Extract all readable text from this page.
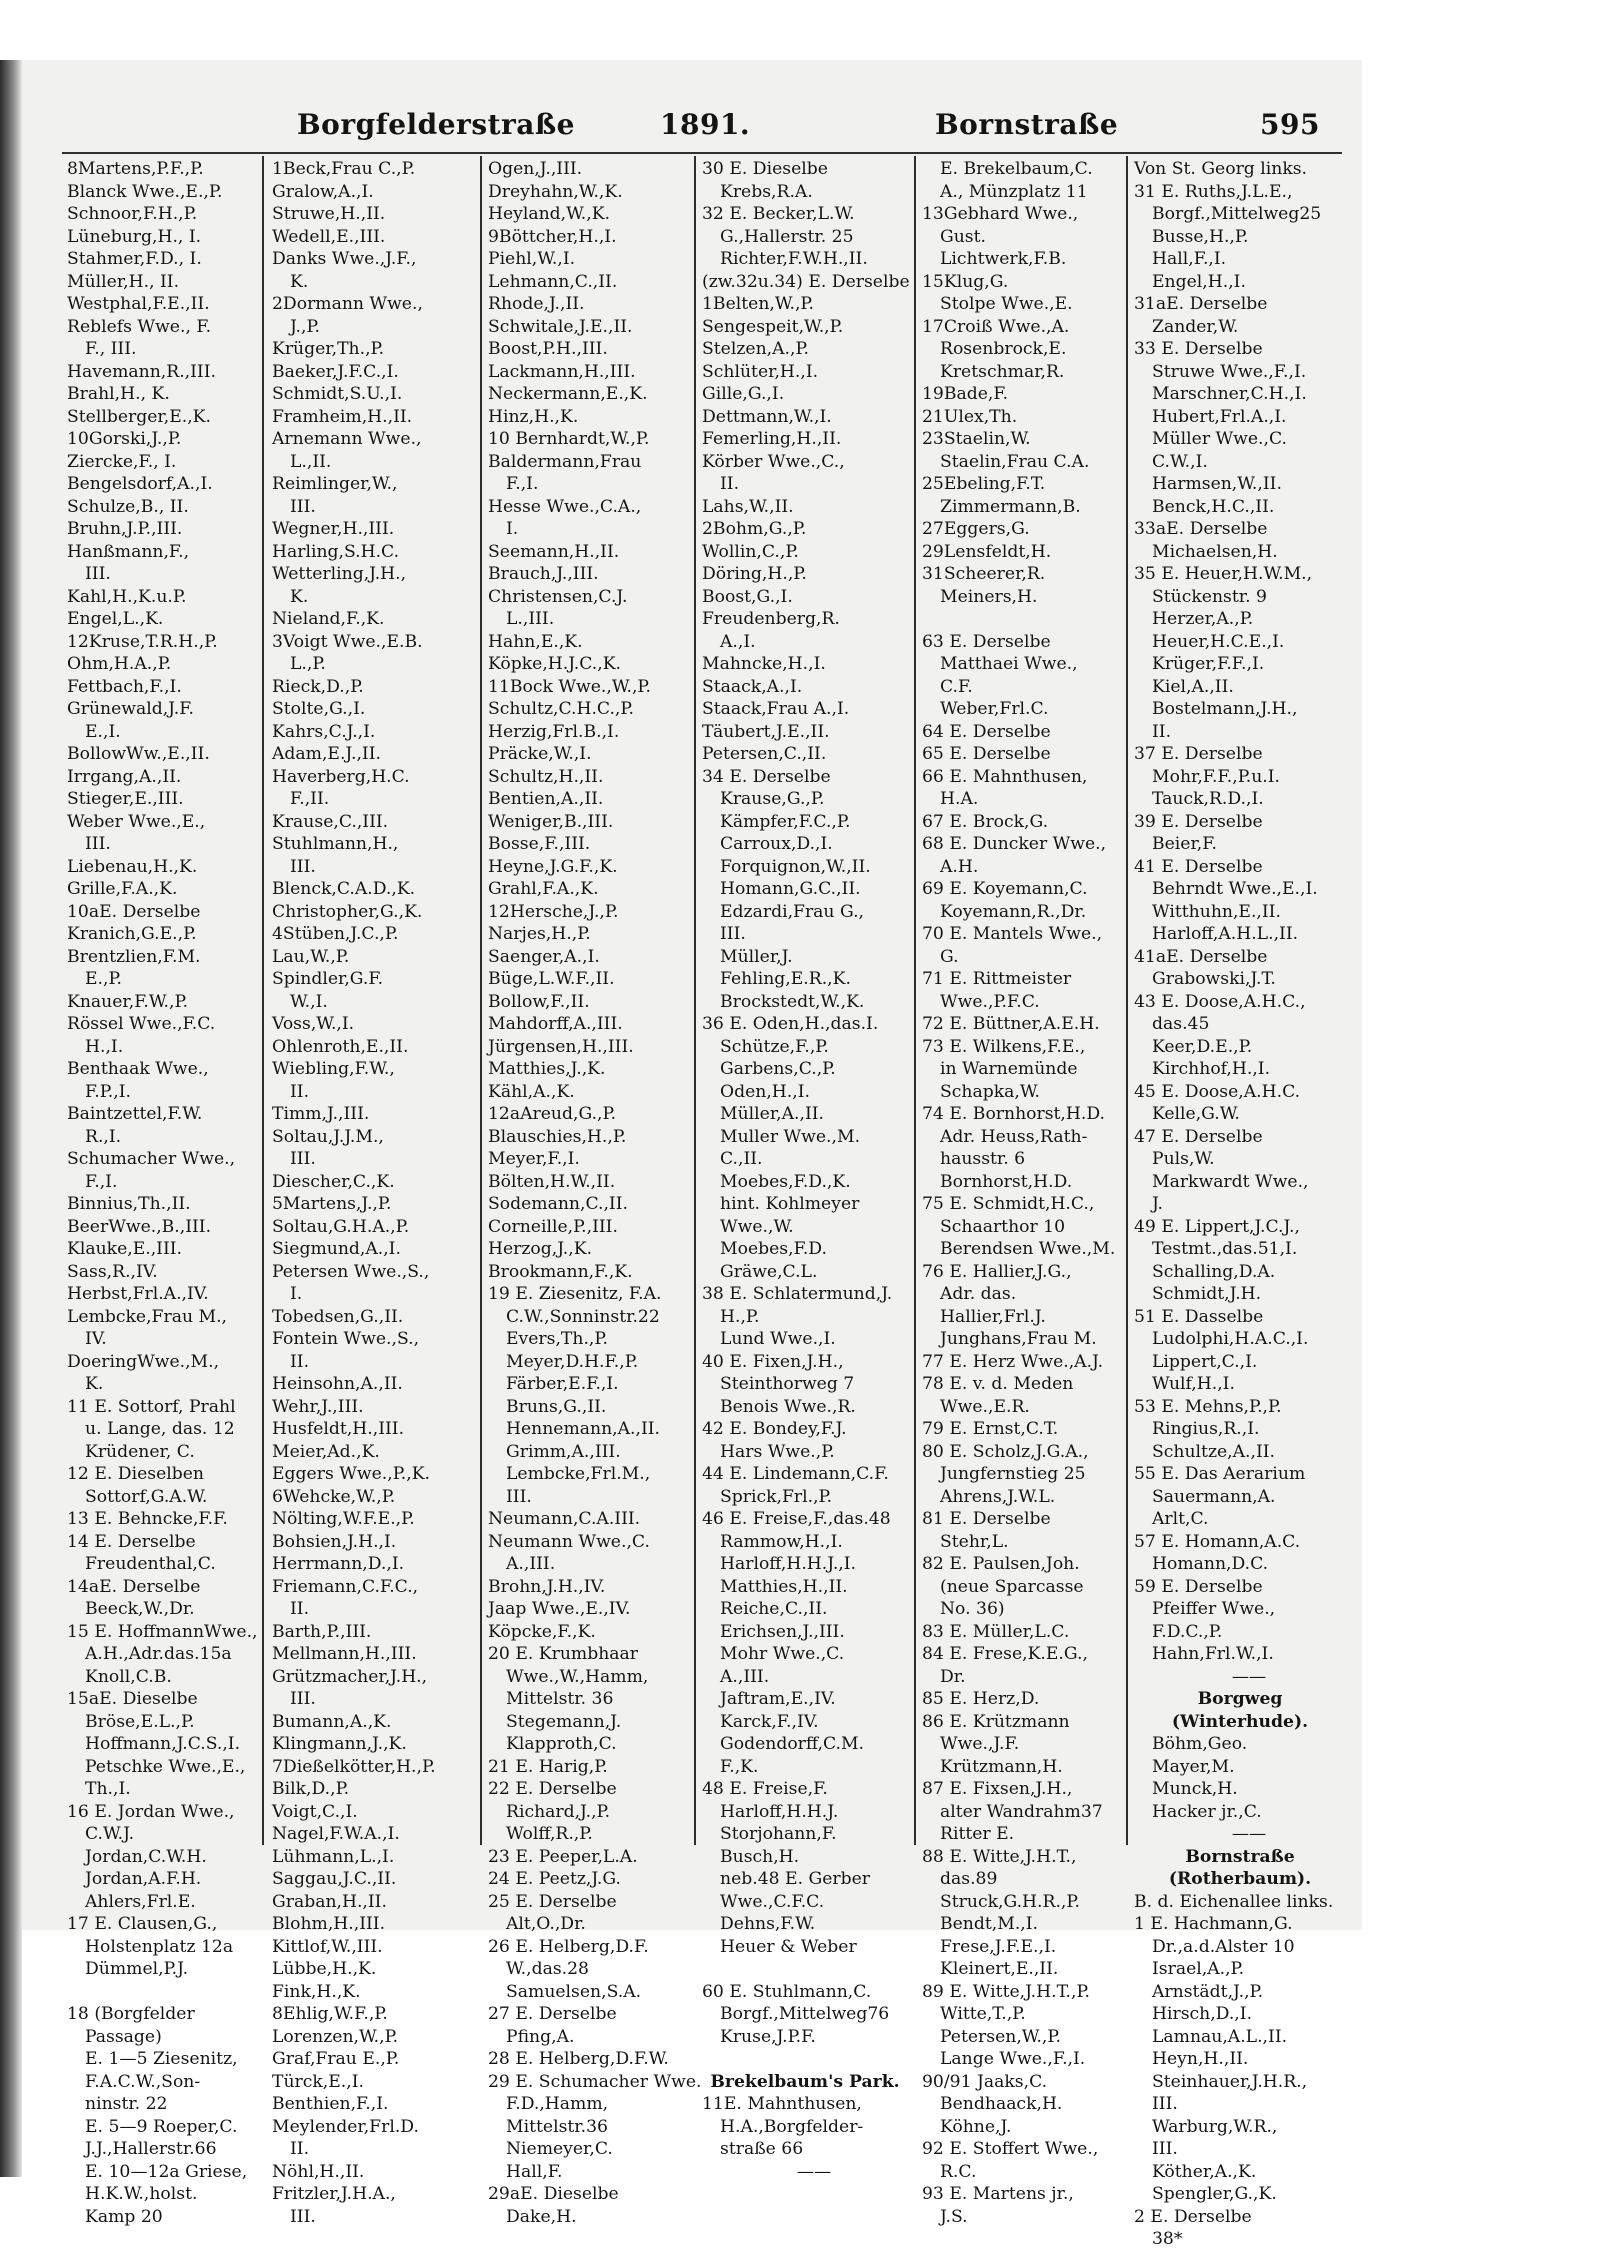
Borgfelderstraße	1891.	Bornstraße	595
8Martens,P.F.,P.
Blanck Wwe.,E.,P.
Schnoor,F.H.,P.
Lüneburg,H., I.
Stahmer,F.D., I.
Müller,H., II.
Westphal,F.E.,II.
Reblefs Wwe., F.
F., III.
Havemann,R.,III.
Brahl,H., K.
Stellberger,E.,K.
10Gorski,J.,P.
Ziercke,F., I.
Bengelsdorf,A.,I.
Schulze,B., II.
Bruhn,J.P.,III.
Hanßmann,F.,
III.
Kahl,H.,K.u.P.
Engel,L.,K.
12Kruse,T.R.H.,P.
Ohm,H.A.,P.
Fettbach,F.,I.
Grünewald,J.F.
E.,I.
BollowWw.,E.,II.
Irrgang,A.,II.
Stieger,E.,III.
Weber Wwe.,E.,
III.
Liebenau,H.,K.
Grille,F.A.,K.
10aE. Derselbe
Kranich,G.E.,P.
Brentzlien,F.M.
E.,P.
Knauer,F.W.,P.
Rössel Wwe.,F.C.
H.,I.
Benthaak Wwe.,
F.P.,I.
Baintzettel,F.W.
R.,I.
Schumacher Wwe.,
F.,I.
Binnius,Th.,II.
BeerWwe.,B.,III.
Klauke,E.,III.
Sass,R.,IV.
Herbst,Frl.A.,IV.
Lembcke,Frau M.,
IV.
DoeringWwe.,M.,
K.
11 E. Sottorf, Prahl
u. Lange, das. 12
Krüdener, C.
12 E. Dieselben
Sottorf,G.A.W.
13 E. Behncke,F.F.
14 E. Derselbe
Freudenthal,C.
14aE. Derselbe
Beeck,W.,Dr.
15 E. HoffmannWwe.,
A.H.,Adr.das.15a
Knoll,C.B.
15aE. Dieselbe
Bröse,E.L.,P.
Hoffmann,J.C.S.,I.
Petschke Wwe.,E.,
Th.,I.
16 E. Jordan Wwe.,
C.W.J.
Jordan,C.W.H.
Jordan,A.F.H.
Ahlers,Frl.E.
17 E. Clausen,G.,
Holstenplatz 12a
Dümmel,P.J.

18 (Borgfelder
Passage)
E. 1—5 Ziesenitz,
F.A.C.W.,Son-
ninstr. 22
E. 5—9 Roeper,C.
J.J.,Hallerstr.66
E. 10—12a Griese,
H.K.W.,holst.
Kamp 20
1Beck,Frau C.,P.
Gralow,A.,I.
Struwe,H.,II.
Wedell,E.,III.
Danks Wwe.,J.F.,
K.
2Dormann Wwe.,
J.,P.
Krüger,Th.,P.
Baeker,J.F.C.,I.
Schmidt,S.U.,I.
Framheim,H.,II.
Arnemann Wwe.,
L.,II.
Reimlinger,W.,
III.
Wegner,H.,III.
Harling,S.H.C.
Wetterling,J.H.,
K.
Nieland,F.,K.
3Voigt Wwe.,E.B.
L.,P.
Rieck,D.,P.
Stolte,G.,I.
Kahrs,C.J.,I.
Adam,E.J.,II.
Haverberg,H.C.
F.,II.
Krause,C.,III.
Stuhlmann,H.,
III.
Blenck,C.A.D.,K.
Christopher,G.,K.
4Stüben,J.C.,P.
Lau,W.,P.
Spindler,G.F.
W.,I.
Voss,W.,I.
Ohlenroth,E.,II.
Wiebling,F.W.,
II.
Timm,J.,III.
Soltau,J.J.M.,
III.
Diescher,C.,K.
5Martens,J.,P.
Soltau,G.H.A.,P.
Siegmund,A.,I.
Petersen Wwe.,S.,
I.
Tobedsen,G.,II.
Fontein Wwe.,S.,
II.
Heinsohn,A.,II.
Wehr,J.,III.
Husfeldt,H.,III.
Meier,Ad.,K.
Eggers Wwe.,P.,K.
6Wehcke,W.,P.
Nölting,W.F.E.,P.
Bohsien,J.H.,I.
Herrmann,D.,I.
Friemann,C.F.C.,
II.
Barth,P.,III.
Mellmann,H.,III.
Grützmacher,J.H.,
III.
Bumann,A.,K.
Klingmann,J.,K.
7Dießelkötter,H.,P.
Bilk,D.,P.
Voigt,C.,I.
Nagel,F.W.A.,I.
Lühmann,L.,I.
Saggau,J.C.,II.
Graban,H.,II.
Blohm,H.,III.
Kittlof,W.,III.
Lübbe,H.,K.
Fink,H.,K.
8Ehlig,W.F.,P.
Lorenzen,W.,P.
Graf,Frau E.,P.
Türck,E.,I.
Benthien,F.,I.
Meylender,Frl.D.
II.
Nöhl,H.,II.
Fritzler,J.H.A.,
III.
Ogen,J.,III.
Dreyhahn,W.,K.
Heyland,W.,K.
9Böttcher,H.,I.
Piehl,W.,I.
Lehmann,C.,II.
Rhode,J.,II.
Schwitale,J.E.,II.
Boost,P.H.,III.
Lackmann,H.,III.
Neckermann,E.,K.
Hinz,H.,K.
10 Bernhardt,W.,P.
Baldermann,Frau
F.,I.
Hesse Wwe.,C.A.,
I.
Seemann,H.,II.
Brauch,J.,III.
Christensen,C.J.
L.,III.
Hahn,E.,K.
Köpke,H.J.C.,K.
11Bock Wwe.,W.,P.
Schultz,C.H.C.,P.
Herzig,Frl.B.,I.
Präcke,W.,I.
Schultz,H.,II.
Bentien,A.,II.
Weniger,B.,III.
Bosse,F.,III.
Heyne,J.G.F.,K.
Grahl,F.A.,K.
12Hersche,J.,P.
Narjes,H.,P.
Saenger,A.,I.
Büge,L.W.F.,II.
Bollow,F.,II.
Mahdorff,A.,III.
Jürgensen,H.,III.
Matthies,J.,K.
Kähl,A.,K.
12aAreud,G.,P.
Blauschies,H.,P.
Meyer,F.,I.
Bölten,H.W.,II.
Sodemann,C.,II.
Corneille,P.,III.
Herzog,J.,K.
Brookmann,F.,K.
19 E. Ziesenitz, F.A.
C.W.,Sonninstr.22
Evers,Th.,P.
Meyer,D.H.F.,P.
Färber,E.F.,I.
Bruns,G.,II.
Hennemann,A.,II.
Grimm,A.,III.
Lembcke,Frl.M.,
III.
Neumann,C.A.III.
Neumann Wwe.,C.
A.,III.
Brohn,J.H.,IV.
Jaap Wwe.,E.,IV.
Köpcke,F.,K.
20 E. Krumbhaar
Wwe.,W.,Hamm,
Mittelstr. 36
Stegemann,J.
Klapproth,C.
21 E. Harig,P.
22 E. Derselbe
Richard,J.,P.
Wolff,R.,P.
23 E. Peeper,L.A.
24 E. Peetz,J.G.
25 E. Derselbe
Alt,O.,Dr.
26 E. Helberg,D.F.
W.,das.28
Samuelsen,S.A.
27 E. Derselbe
Pfing,A.
28 E. Helberg,D.F.W.
29 E. Schumacher Wwe.
F.D.,Hamm,
Mittelstr.36
Niemeyer,C.
Hall,F.
29aE. Dieselbe
Dake,H.
30 E. Dieselbe
Krebs,R.A.
32 E. Becker,L.W.
G.,Hallerstr. 25
Richter,F.W.H.,II.
(zw.32u.34) E. Derselbe
1Belten,W.,P.
Sengespeit,W.,P.
Stelzen,A.,P.
Schlüter,H.,I.
Gille,G.,I.
Dettmann,W.,I.
Femerling,H.,II.
Körber Wwe.,C.,
II.
Lahs,W.,II.
2Bohm,G.,P.
Wollin,C.,P.
Döring,H.,P.
Boost,G.,I.
Freudenberg,R.
A.,I.
Mahncke,H.,I.
Staack,A.,I.
Staack,Frau A.,I.
Täubert,J.E.,II.
Petersen,C.,II.
34 E. Derselbe
Krause,G.,P.
Kämpfer,F.C.,P.
Carroux,D.,I.
Forquignon,W.,II.
Homann,G.C.,II.
Edzardi,Frau G.,
III.
Müller,J.
Fehling,E.R.,K.
Brockstedt,W.,K.
36 E. Oden,H.,das.I.
Schütze,F.,P.
Garbens,C.,P.
Oden,H.,I.
Müller,A.,II.
Muller Wwe.,M.
C.,II.
Moebes,F.D.,K.
hint. Kohlmeyer
Wwe.,W.
Moebes,F.D.
Gräwe,C.L.
38 E. Schlatermund,J.
H.,P.
Lund Wwe.,I.
40 E. Fixen,J.H.,
Steinthorweg 7
Benois Wwe.,R.
42 E. Bondey,F.J.
Hars Wwe.,P.
44 E. Lindemann,C.F.
Sprick,Frl.,P.
46 E. Freise,F.,das.48
Rammow,H.,I.
Harloff,H.H.J.,I.
Matthies,H.,II.
Reiche,C.,II.
Erichsen,J.,III.
Mohr Wwe.,C.
A.,III.
Jaftram,E.,IV.
Karck,F.,IV.
Godendorff,C.M.
F.,K.
48 E. Freise,F.
Harloff,H.H.J.
Storjohann,F.
Busch,H.
neb.48 E. Gerber
Wwe.,C.F.C.
Dehns,F.W.
Heuer & Weber

60 E. Stuhlmann,C.
Borgf.,Mittelweg76
Kruse,J.P.F.

Brekelbaum's Park.
11E. Mahnthusen,
H.A.,Borgfelder-
straße 66
——
E. Brekelbaum,C.
A., Münzplatz 11
13Gebhard Wwe.,
Gust.
Lichtwerk,F.B.
15Klug,G.
Stolpe Wwe.,E.
17Croiß Wwe.,A.
Rosenbrock,E.
Kretschmar,R.
19Bade,F.
21Ulex,Th.
23Staelin,W.
Staelin,Frau C.A.
25Ebeling,F.T.
Zimmermann,B.
27Eggers,G.
29Lensfeldt,H.
31Scheerer,R.
Meiners,H.

63 E. Derselbe
Matthaei Wwe.,
C.F.
Weber,Frl.C.
64 E. Derselbe
65 E. Derselbe
66 E. Mahnthusen,
H.A.
67 E. Brock,G.
68 E. Duncker Wwe.,
A.H.
69 E. Koyemann,C.
Koyemann,R.,Dr.
70 E. Mantels Wwe.,
G.
71 E. Rittmeister
Wwe.,P.F.C.
72 E. Büttner,A.E.H.
73 E. Wilkens,F.E.,
in Warnemünde
Schapka,W.
74 E. Bornhorst,H.D.
Adr. Heuss,Rath-
hausstr. 6
Bornhorst,H.D.
75 E. Schmidt,H.C.,
Schaarthor 10
Berendsen Wwe.,M.
76 E. Hallier,J.G.,
Adr. das.
Hallier,Frl.J.
Junghans,Frau M.
77 E. Herz Wwe.,A.J.
78 E. v. d. Meden
Wwe.,E.R.
79 E. Ernst,C.T.
80 E. Scholz,J.G.A.,
Jungfernstieg 25
Ahrens,J.W.L.
81 E. Derselbe
Stehr,L.
82 E. Paulsen,Joh.
(neue Sparcasse
No. 36)
83 E. Müller,L.C.
84 E. Frese,K.E.G.,
Dr.
85 E. Herz,D.
86 E. Krützmann
Wwe.,J.F.
Krützmann,H.
87 E. Fixsen,J.H.,
alter Wandrahm37
Ritter E.
88 E. Witte,J.H.T.,
das.89
Struck,G.H.R.,P.
Bendt,M.,I.
Frese,J.F.E.,I.
Kleinert,E.,II.
89 E. Witte,J.H.T.,P.
Witte,T.,P.
Petersen,W.,P.
Lange Wwe.,F.,I.
90/91 Jaaks,C.
Bendhaack,H.
Köhne,J.
92 E. Stoffert Wwe.,
R.C.
93 E. Martens jr.,
J.S.
Von St. Georg links.
31 E. Ruths,J.L.E.,
Borgf.,Mittelweg25
Busse,H.,P.
Hall,F.,I.
Engel,H.,I.
31aE. Derselbe
Zander,W.
33 E. Derselbe
Struwe Wwe.,F.,I.
Marschner,C.H.,I.
Hubert,Frl.A.,I.
Müller Wwe.,C.
C.W.,I.
Harmsen,W.,II.
Benck,H.C.,II.
33aE. Derselbe
Michaelsen,H.
35 E. Heuer,H.W.M.,
Stückenstr. 9
Herzer,A.,P.
Heuer,H.C.E.,I.
Krüger,F.F.,I.
Kiel,A.,II.
Bostelmann,J.H.,
II.
37 E. Derselbe
Mohr,F.F.,P.u.I.
Tauck,R.D.,I.
39 E. Derselbe
Beier,F.
41 E. Derselbe
Behrndt Wwe.,E.,I.
Witthuhn,E.,II.
Harloff,A.H.L.,II.
41aE. Derselbe
Grabowski,J.T.
43 E. Doose,A.H.C.,
das.45
Keer,D.E.,P.
Kirchhof,H.,I.
45 E. Doose,A.H.C.
Kelle,G.W.
47 E. Derselbe
Puls,W.
Markwardt Wwe.,
J.
49 E. Lippert,J.C.J.,
Testmt.,das.51,I.
Schalling,D.A.
Schmidt,J.H.
51 E. Dasselbe
Ludolphi,H.A.C.,I.
Lippert,C.,I.
Wulf,H.,I.
53 E. Mehns,P.,P.
Ringius,R.,I.
Schultze,A.,II.
55 E. Das Aerarium
Sauermann,A.
Arlt,C.
57 E. Homann,A.C.
Homann,D.C.
59 E. Derselbe
Pfeiffer Wwe.,
F.D.C.,P.
Hahn,Frl.W.,I.
——
Borgweg
(Winterhude).
Böhm,Geo.
Mayer,M.
Munck,H.
Hacker jr.,C.
——
Bornstraße
(Rotherbaum).
B. d. Eichenallee links.
1 E. Hachmann,G.
Dr.,a.d.Alster 10
Israel,A.,P.
Arnstädt,J.,P.
Hirsch,D.,I.
Lamnau,A.L.,II.
Heyn,H.,II.
Steinhauer,J.H.R.,
III.
Warburg,W.R.,
III.
Köther,A.,K.
Spengler,G.,K.
2 E. Derselbe
38*
